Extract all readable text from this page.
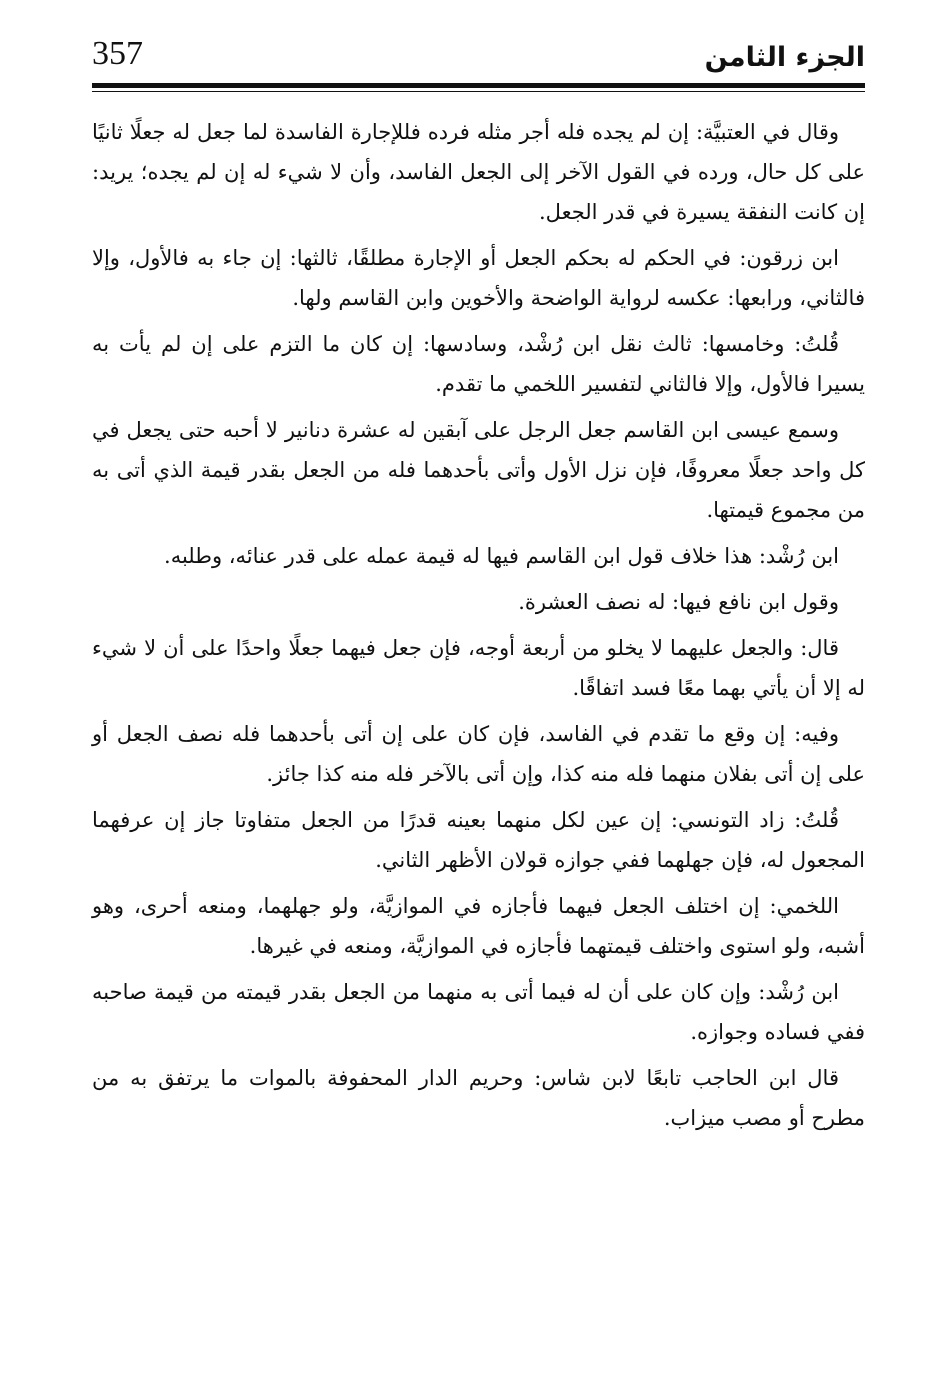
الجزء الثامن
357

وقال في العتبيَّة: إن لم يجده فله أجر مثله فرده فللإجارة الفاسدة لما جعل له جعلًا ثانيًا على كل حال، ورده في القول الآخر إلى الجعل الفاسد، وأن لا شيء له إن لم يجده؛ يريد: إن كانت النفقة يسيرة في قدر الجعل.

ابن زرقون: في الحكم له بحكم الجعل أو الإجارة مطلقًا، ثالثها: إن جاء به فالأول، وإلا فالثاني، ورابعها: عكسه لرواية الواضحة والأخوين وابن القاسم ولها.

قُلتُ: وخامسها: ثالث نقل ابن رُشْد، وسادسها: إن كان ما التزم على إن لم يأت به يسيرا فالأول، وإلا فالثاني لتفسير اللخمي ما تقدم.

وسمع عيسى ابن القاسم جعل الرجل على آبقين له عشرة دنانير لا أحبه حتى يجعل في كل واحد جعلًا معروفًا، فإن نزل الأول وأتى بأحدهما فله من الجعل بقدر قيمة الذي أتى به من مجموع قيمتها.

ابن رُشْد: هذا خلاف قول ابن القاسم فيها له قيمة عمله على قدر عنائه، وطلبه.

وقول ابن نافع فيها: له نصف العشرة.

قال: والجعل عليهما لا يخلو من أربعة أوجه، فإن جعل فيهما جعلًا واحدًا على أن لا شيء له إلا أن يأتي بهما معًا فسد اتفاقًا.

وفيه: إن وقع ما تقدم في الفاسد، فإن كان على إن أتى بأحدهما فله نصف الجعل أو على إن أتى بفلان منهما فله منه كذا، وإن أتى بالآخر فله منه كذا جائز.

قُلتُ: زاد التونسي: إن عين لكل منهما بعينه قدرًا من الجعل متفاوتا جاز إن عرفهما المجعول له، فإن جهلهما ففي جوازه قولان الأظهر الثاني.

اللخمي: إن اختلف الجعل فيهما فأجازه في الموازيَّة، ولو جهلهما، ومنعه أحرى، وهو أشبه، ولو استوى واختلف قيمتهما فأجازه في الموازيَّة، ومنعه في غيرها.

ابن رُشْد: وإن كان على أن له فيما أتى به منهما من الجعل بقدر قيمته من قيمة صاحبه ففي فساده وجوازه.

قال ابن الحاجب تابعًا لابن شاس: وحريم الدار المحفوفة بالموات ما يرتفق به من مطرح أو مصب ميزاب.
